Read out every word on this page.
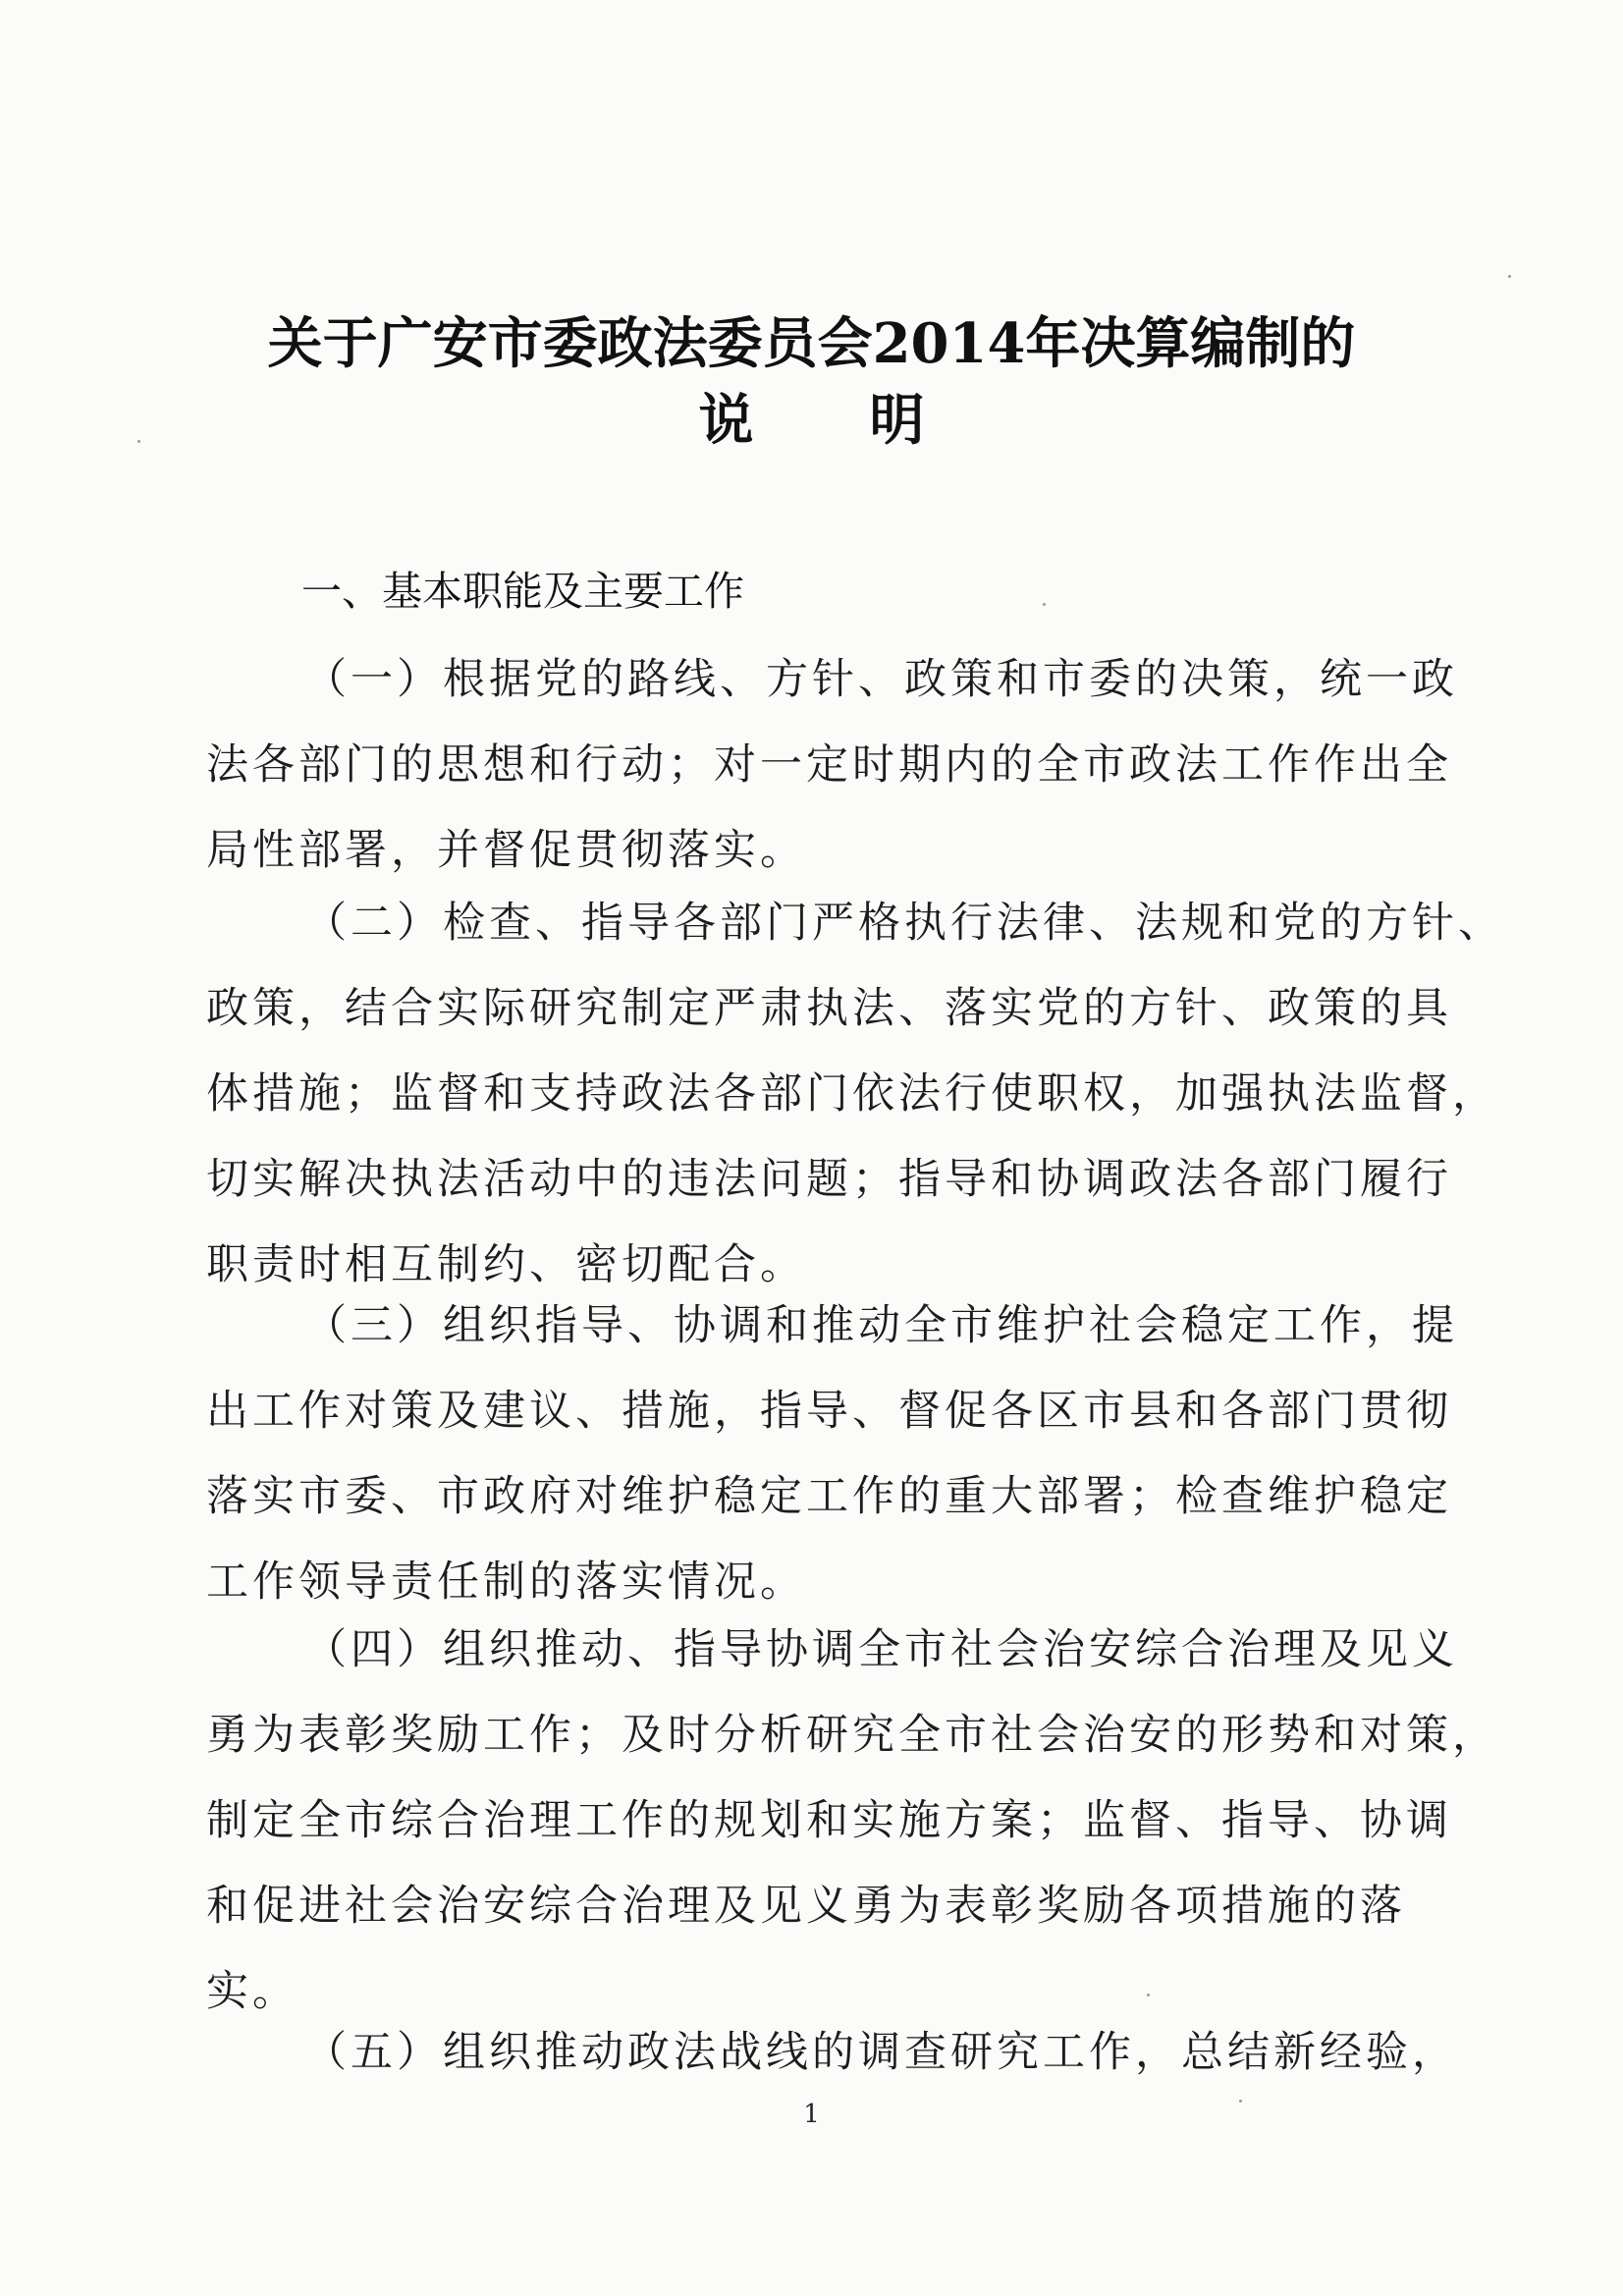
关于广安市委政法委员会2014年决算编制的
说明
一、基本职能及主要工作
（一）根据党的路线、方针、政策和市委的决策，统一政
法各部门的思想和行动；对一定时期内的全市政法工作作出全
局性部署，并督促贯彻落实。
（二）检查、指导各部门严格执行法律、法规和党的方针、
政策，结合实际研究制定严肃执法、落实党的方针、政策的具
体措施；监督和支持政法各部门依法行使职权，加强执法监督，
切实解决执法活动中的违法问题；指导和协调政法各部门履行
职责时相互制约、密切配合。
（三）组织指导、协调和推动全市维护社会稳定工作，提
出工作对策及建议、措施，指导、督促各区市县和各部门贯彻
落实市委、市政府对维护稳定工作的重大部署；检查维护稳定
工作领导责任制的落实情况。
（四）组织推动、指导协调全市社会治安综合治理及见义
勇为表彰奖励工作；及时分析研究全市社会治安的形势和对策，
制定全市综合治理工作的规划和实施方案；监督、指导、协调
和促进社会治安综合治理及见义勇为表彰奖励各项措施的落
实。
（五）组织推动政法战线的调查研究工作，总结新经验，
1
